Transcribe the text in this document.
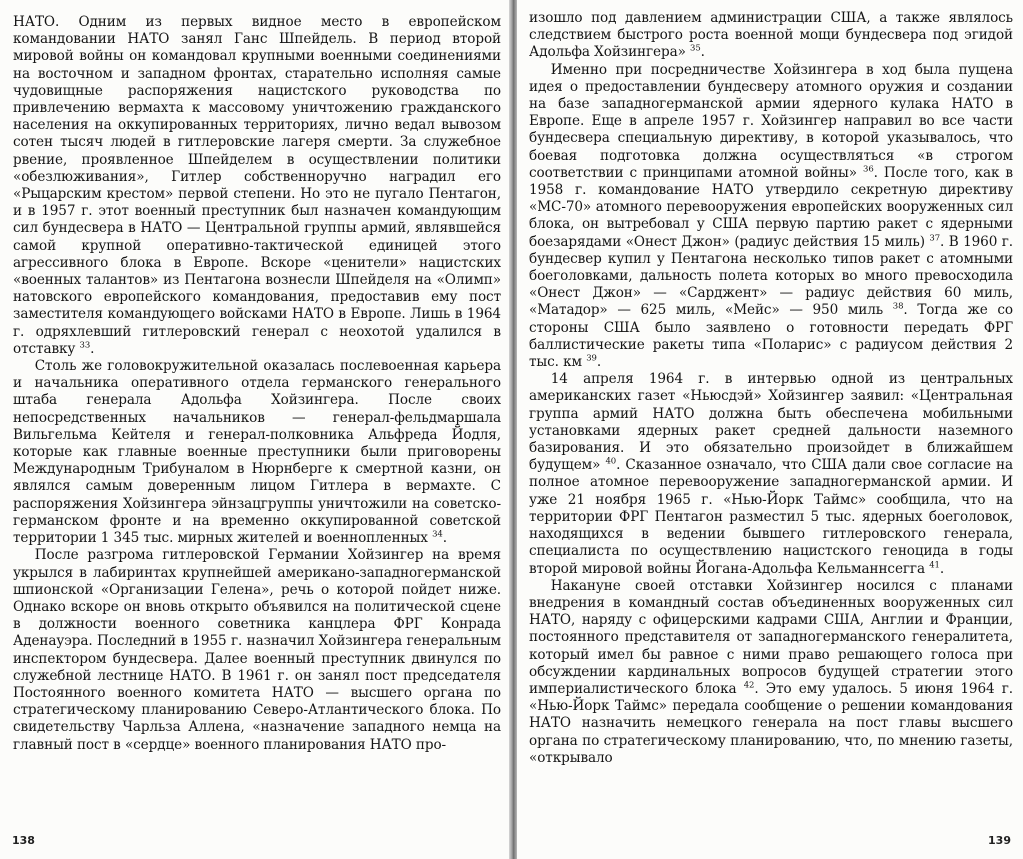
НАТО. Одним из первых видное место в европейском командовании НАТО занял Ганс Шпейдель. В период второй мировой войны он командовал крупными военными соединениями на восточном и западном фронтах, старательно исполняя самые чудовищные распоряжения нацистского руководства по привлечению вермахта к массовому уничтожению гражданского населения на оккупированных территориях, лично ведал вывозом сотен тысяч людей в гитлеровские лагеря смерти. За служебное рвение, проявленное Шпейделем в осуществлении политики «обезлюживания», Гитлер собственноручно наградил его «Рыцарским крестом» первой степени. Но это не пугало Пентагон, и в 1957 г. этот военный преступник был назначен командующим сил бундесвера в НАТО — Центральной группы армий, являвшейся самой крупной оперативно-тактической единицей этого агрессивного блока в Европе. Вскоре «ценители» нацистских «военных талантов» из Пентагона вознесли Шпейделя на «Олимп» натовского европейского командования, предоставив ему пост заместителя командующего войсками НАТО в Европе. Лишь в 1964 г. одряхлевший гитлеровский генерал с неохотой удалился в отставку $^{33}$.

Столь же головокружительной оказалась послевоенная карьера и начальника оперативного отдела германского генерального штаба генерала Адольфа Хойзингера. После своих непосредственных начальников — генерал-фельдмаршала Вильгельма Кейтеля и генерал-полковника Альфреда Йодля, которые как главные военные преступники были приговорены Международным Трибуналом в Нюрнберге к смертной казни, он являлся самым доверенным лицом Гитлера в вермахте. С распоряжения Хойзингера эйнзацгруппы уничтожили на советско-германском фронте и на временно оккупированной советской территории 1 345 тыс. мирных жителей и военнопленных $^{34}$.

После разгрома гитлеровской Германии Хойзингер на время укрылся в лабиринтах крупнейшей американо-западногерманской шпионской «Организации Гелена», речь о которой пойдет ниже. Однако вскоре он вновь открыто объявился на политической сцене в должности военного советника канцлера ФРГ Конрада Аденауэра. Последний в 1955 г. назначил Хойзингера генеральным инспектором бундесвера. Далее военный преступник двинулся по служебной лестнице НАТО. В 1961 г. он занял пост председателя Постоянного военного комитета НАТО — высшего органа по стратегическому планированию Северо-Атлантического блока. По свидетельству Чарльза Аллена, «назначение западного немца на главный пост в «сердце» военного планирования НАТО про-

138

изошло под давлением администрации США, а также являлось следствием быстрого роста военной мощи бундесвера под эгидой Адольфа Хойзингера» $^{35}$.

Именно при посредничестве Хойзингера в ход была пущена идея о предоставлении бундесверу атомного оружия и создании на базе западногерманской армии ядерного кулака НАТО в Европе. Еще в апреле 1957 г. Хойзингер направил во все части бундесвера специальную директиву, в которой указывалось, что боевая подготовка должна осуществляться «в строгом соответствии с принципами атомной войны» $^{36}$. После того, как в 1958 г. командование НАТО утвердило секретную директиву «МС-70» атомного перевооружения европейских вооруженных сил блока, он вытребовал у США первую партию ракет с ядерными боезарядами «Онест Джон» (радиус действия 15 миль) $^{37}$. В 1960 г. бундесвер купил у Пентагона несколько типов ракет с атомными боеголовками, дальность полета которых во много превосходила «Онест Джон» — «Сарджент» — радиус действия 60 миль, «Матадор» — 625 миль, «Мейс» — 950 миль $^{38}$. Тогда же со стороны США было заявлено о готовности передать ФРГ баллистические ракеты типа «Поларис» с радиусом действия 2 тыс. км $^{39}$.

14 апреля 1964 г. в интервью одной из центральных американских газет «Ньюсдэй» Хойзингер заявил: «Центральная группа армий НАТО должна быть обеспечена мобильными установками ядерных ракет средней дальности наземного базирования. И это обязательно произойдет в ближайшем будущем» $^{40}$. Сказанное означало, что США дали свое согласие на полное атомное перевооружение западногерманской армии. И уже 21 ноября 1965 г. «Нью-Йорк Таймс» сообщила, что на территории ФРГ Пентагон разместил 5 тыс. ядерных боеголовок, находящихся в ведении бывшего гитлеровского генерала, специалиста по осуществлению нацистского геноцида в годы второй мировой войны Йогана-Адольфа Кельманнсегга $^{41}$.

Накануне своей отставки Хойзингер носился с планами внедрения в командный состав объединенных вооруженных сил НАТО, наряду с офицерскими кадрами США, Англии и Франции, постоянного представителя от западногерманского генералитета, который имел бы равное с ними право решающего голоса при обсуждении кардинальных вопросов будущей стратегии этого империалистического блока $^{42}$. Это ему удалось. 5 июня 1964 г. «Нью-Йорк Таймс» передала сообщение о решении командования НАТО назначить немецкого генерала на пост главы высшего органа по стратегическому планированию, что, по мнению газеты, «открывало

139
